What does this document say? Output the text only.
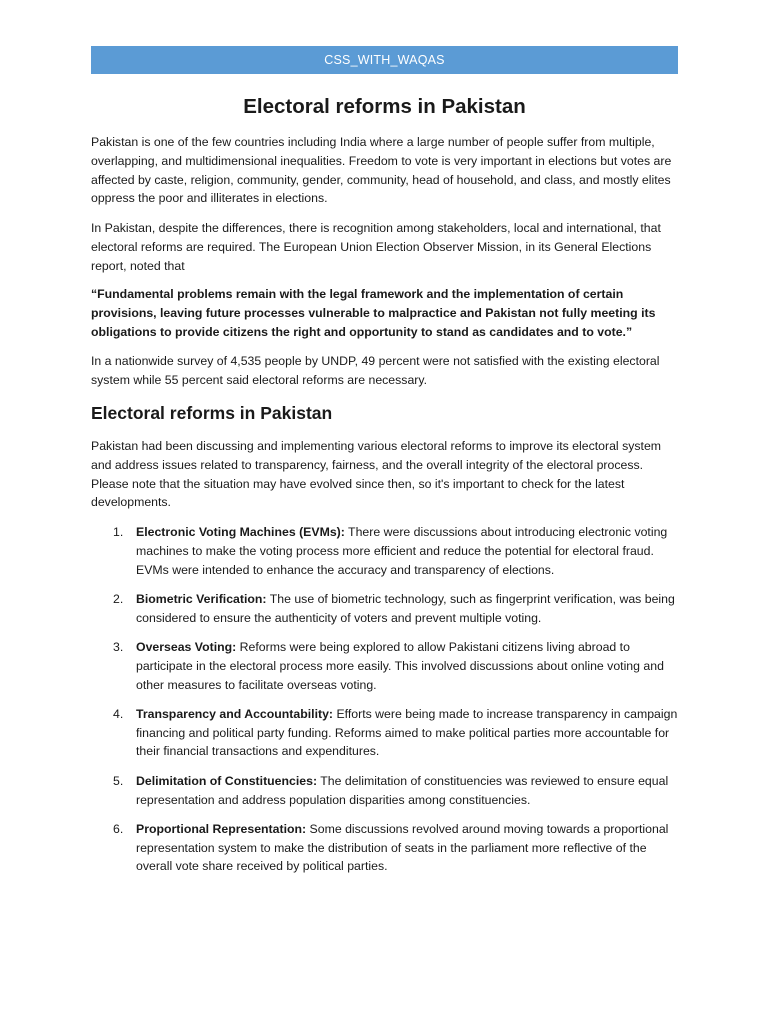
CSS_WITH_WAQAS
Electoral reforms in Pakistan

Pakistan is one of the few countries including India where a large number of people suffer from multiple, overlapping, and multidimensional inequalities. Freedom to vote is very important in elections but votes are affected by caste, religion, community, gender, community, head of household, and class, and mostly elites oppress the poor and illiterates in elections.

In Pakistan, despite the differences, there is recognition among stakeholders, local and international, that electoral reforms are required. The European Union Election Observer Mission, in its General Elections report, noted that

“Fundamental problems remain with the legal framework and the implementation of certain provisions, leaving future processes vulnerable to malpractice and Pakistan not fully meeting its obligations to provide citizens the right and opportunity to stand as candidates and to vote.”

In a nationwide survey of 4,535 people by UNDP, 49 percent were not satisfied with the existing electoral system while 55 percent said electoral reforms are necessary.

Electoral reforms in Pakistan

Pakistan had been discussing and implementing various electoral reforms to improve its electoral system and address issues related to transparency, fairness, and the overall integrity of the electoral process. Please note that the situation may have evolved since then, so it's important to check for the latest developments.

1. Electronic Voting Machines (EVMs): There were discussions about introducing electronic voting machines to make the voting process more efficient and reduce the potential for electoral fraud. EVMs were intended to enhance the accuracy and transparency of elections.
2. Biometric Verification: The use of biometric technology, such as fingerprint verification, was being considered to ensure the authenticity of voters and prevent multiple voting.
3. Overseas Voting: Reforms were being explored to allow Pakistani citizens living abroad to participate in the electoral process more easily. This involved discussions about online voting and other measures to facilitate overseas voting.
4. Transparency and Accountability: Efforts were being made to increase transparency in campaign financing and political party funding. Reforms aimed to make political parties more accountable for their financial transactions and expenditures.
5. Delimitation of Constituencies: The delimitation of constituencies was reviewed to ensure equal representation and address population disparities among constituencies.
6. Proportional Representation: Some discussions revolved around moving towards a proportional representation system to make the distribution of seats in the parliament more reflective of the overall vote share received by political parties.
